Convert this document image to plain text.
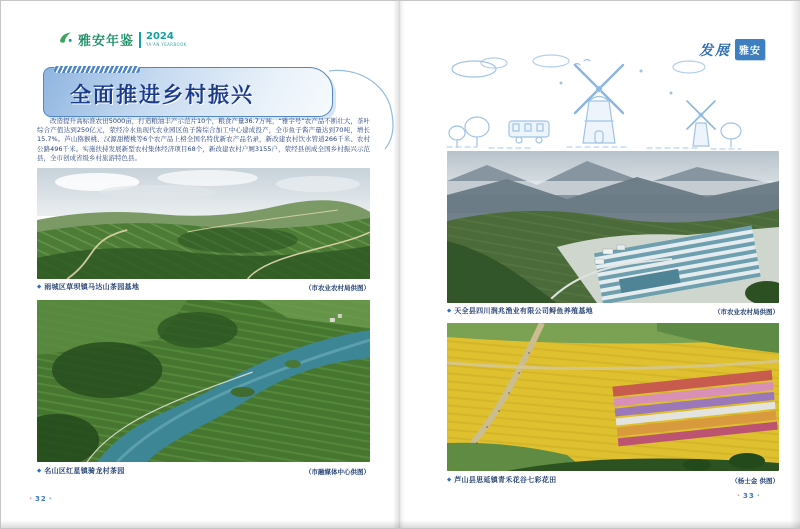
雅安年鉴 2024
YA'AN YEARBOOK
全面推进乡村振兴
改造提升高标准农田5000亩，打造粮油丰产示范片10个，粮食产量36.7万吨，“雅字号”农产品不断壮大，茶叶综合产值达到250亿元，荥经冷水鱼现代农业园区鱼子酱综合加工中心建成投产，全市鱼子酱产量达到70吨，增长15.7%。芦山猕猴桃、汉源甜樱桃等6个农产品上榜全国名特优新农产品名录，新改建农村饮水管道266千米、农村公路496千米。实施扶持发展新型农村集体经济项目68个，新改建农村户厕3155户，荥经县创成全国乡村振兴示范县，全市创成省级乡村旅游特色县。
◆ 雨城区草坝镇马达山茶园基地	（市农业农村局供图）
◆ 名山区红星镇骑龙村茶园	（市融媒体中心供图）
· 32 ·
发展 雅安
◆ 天全县四川润兆渔业有限公司鲟鱼养殖基地	（市农业农村局供图）
◆ 芦山县思延镇青禾花谷七彩花田	（杨士金 供图）
· 33 ·
